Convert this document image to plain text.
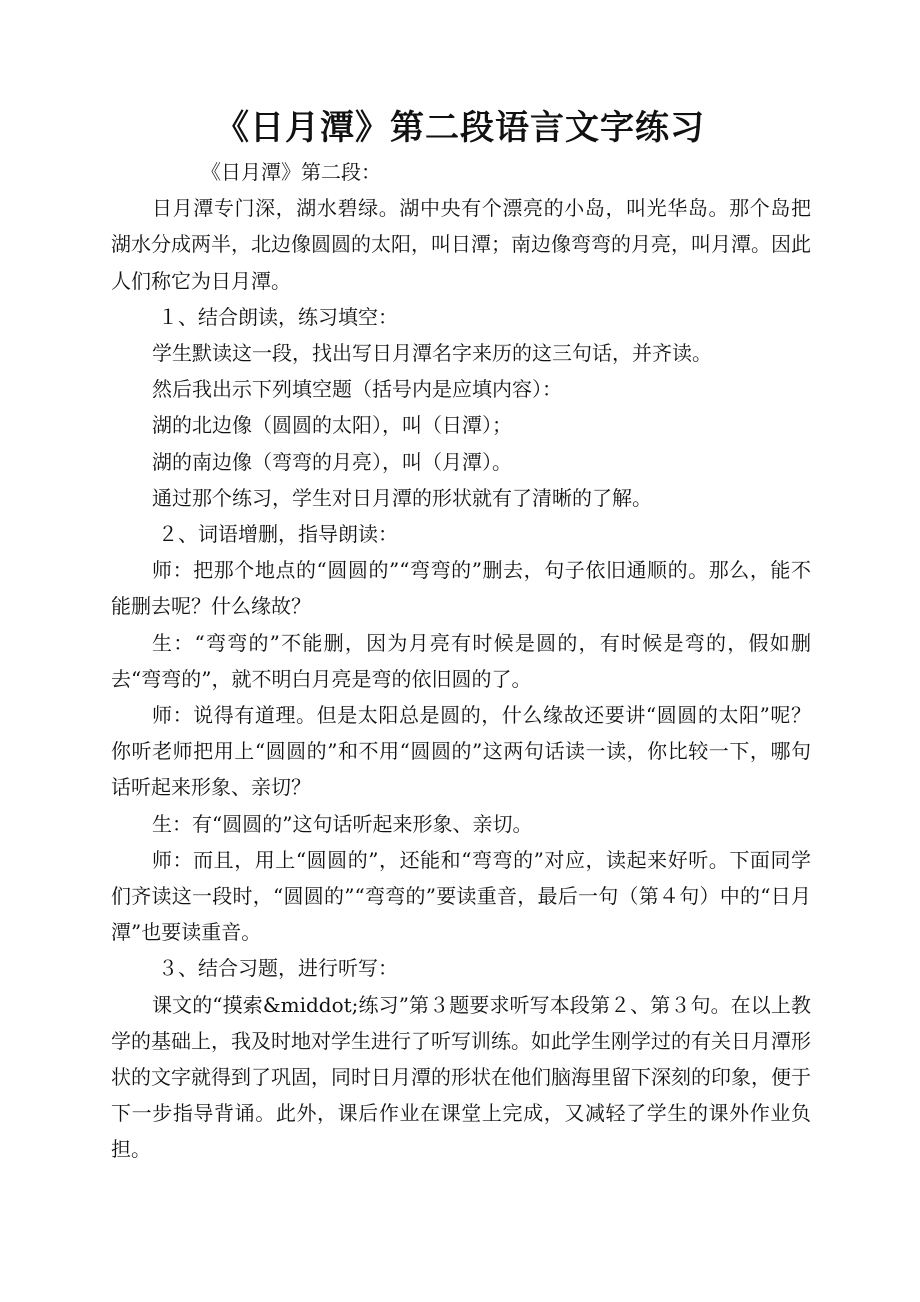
《日月潭》第二段语言文字练习

《日月潭》第二段：

日月潭专门深，湖水碧绿。湖中央有个漂亮的小岛，叫光华岛。那个岛把湖水分成两半，北边像圆圆的太阳，叫日潭；南边像弯弯的月亮，叫月潭。因此人们称它为日月潭。

１、结合朗读，练习填空：

学生默读这一段，找出写日月潭名字来历的这三句话，并齐读。

然后我出示下列填空题（括号内是应填内容）：

湖的北边像（圆圆的太阳），叫（日潭）；

湖的南边像（弯弯的月亮），叫（月潭）。

通过那个练习，学生对日月潭的形状就有了清晰的了解。

２、词语增删，指导朗读：

师：把那个地点的“圆圆的”“弯弯的”删去，句子依旧通顺的。那么，能不能删去呢？什么缘故？

生：“弯弯的”不能删，因为月亮有时候是圆的，有时候是弯的，假如删去“弯弯的”，就不明白月亮是弯的依旧圆的了。

师：说得有道理。但是太阳总是圆的，什么缘故还要讲“圆圆的太阳”呢？你听老师把用上“圆圆的”和不用“圆圆的”这两句话读一读，你比较一下，哪句话听起来形象、亲切？

生：有“圆圆的”这句话听起来形象、亲切。

师：而且，用上“圆圆的”，还能和“弯弯的”对应，读起来好听。下面同学们齐读这一段时，“圆圆的”“弯弯的”要读重音，最后一句（第４句）中的“日月潭”也要读重音。

３、结合习题，进行听写：

课文的“摸索&middot;练习”第３题要求听写本段第２、第３句。在以上教学的基础上，我及时地对学生进行了听写训练。如此学生刚学过的有关日月潭形状的文字就得到了巩固，同时日月潭的形状在他们脑海里留下深刻的印象，便于下一步指导背诵。此外，课后作业在课堂上完成，又减轻了学生的课外作业负担。
